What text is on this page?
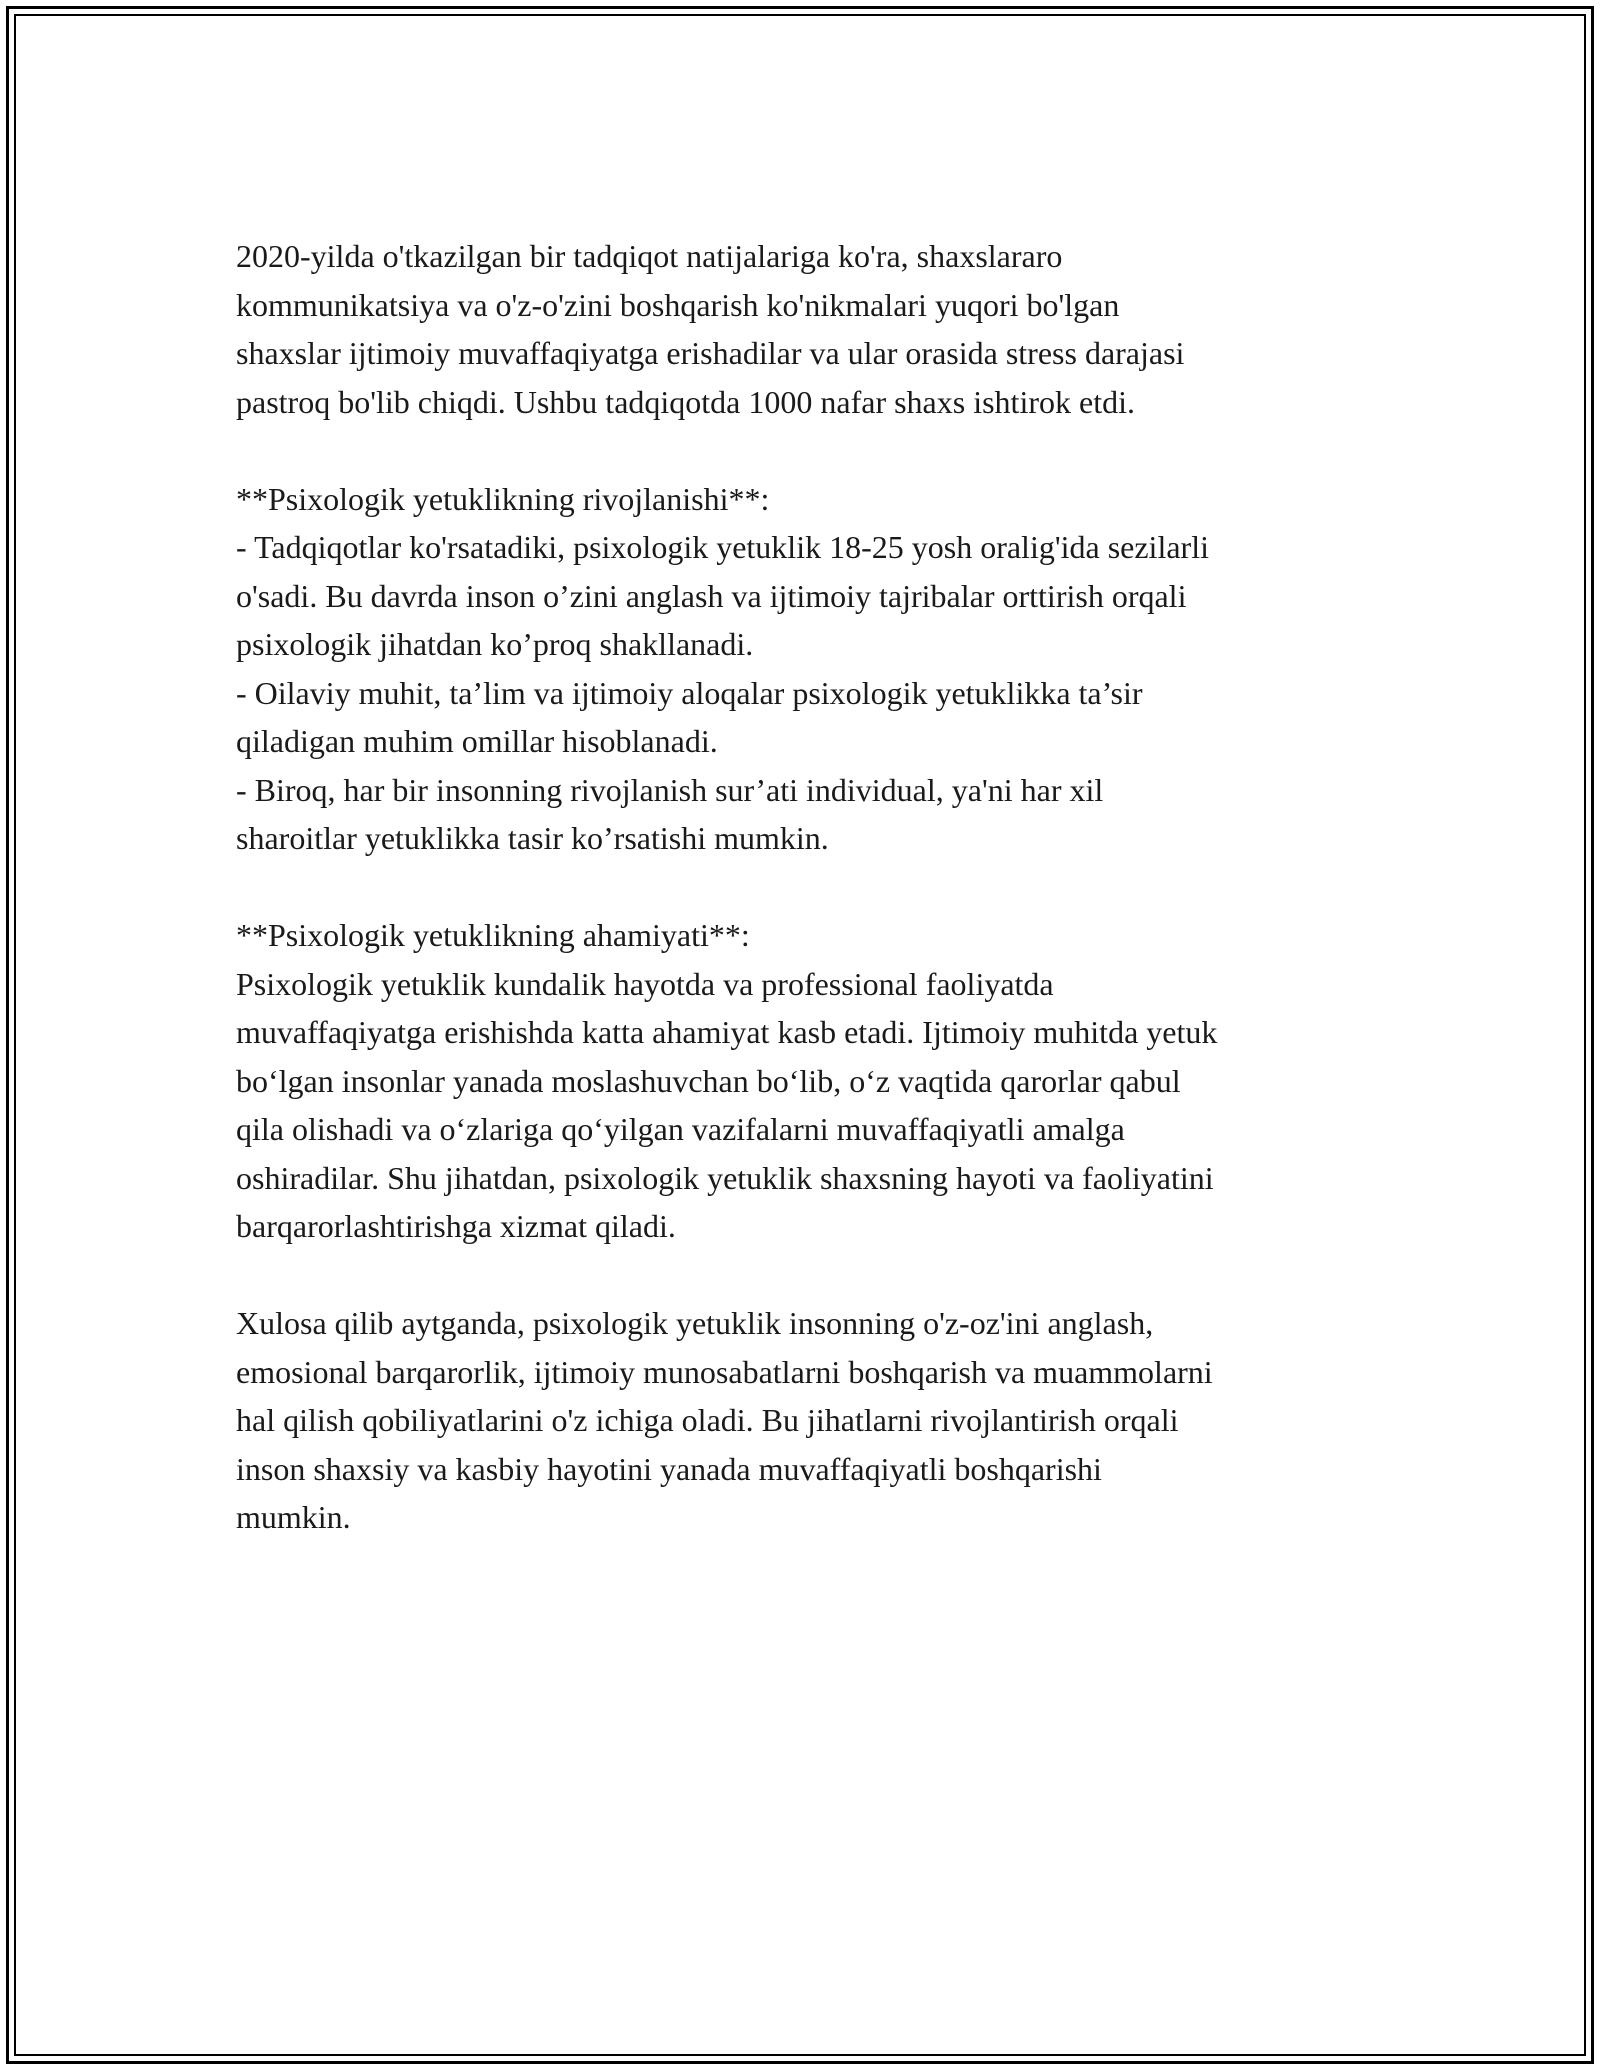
2020-yilda o'tkazilgan bir tadqiqot natijalariga ko'ra, shaxslararo
kommunikatsiya va o'z-o'zini boshqarish ko'nikmalari yuqori bo'lgan
shaxslar ijtimoiy muvaffaqiyatga erishadilar va ular orasida stress darajasi
pastroq bo'lib chiqdi. Ushbu tadqiqotda 1000 nafar shaxs ishtirok etdi.

**Psixologik yetuklikning rivojlanishi**:
- Tadqiqotlar ko'rsatadiki, psixologik yetuklik 18-25 yosh oralig'ida sezilarli
o'sadi. Bu davrda inson o’zini anglash va ijtimoiy tajribalar orttirish orqali
psixologik jihatdan ko’proq shakllanadi.
- Oilaviy muhit, ta’lim va ijtimoiy aloqalar psixologik yetuklikka ta’sir
qiladigan muhim omillar hisoblanadi.
- Biroq, har bir insonning rivojlanish sur’ati individual, ya'ni har xil
sharoitlar yetuklikka tasir ko’rsatishi mumkin.

**Psixologik yetuklikning ahamiyati**:
Psixologik yetuklik kundalik hayotda va professional faoliyatda
muvaffaqiyatga erishishda katta ahamiyat kasb etadi. Ijtimoiy muhitda yetuk
bo‘lgan insonlar yanada moslashuvchan bo‘lib, o‘z vaqtida qarorlar qabul
qila olishadi va o‘zlariga qo‘yilgan vazifalarni muvaffaqiyatli amalga
oshiradilar. Shu jihatdan, psixologik yetuklik shaxsning hayoti va faoliyatini
barqarorlashtirishga xizmat qiladi.

Xulosa qilib aytganda, psixologik yetuklik insonning o'z-oz'ini anglash,
emosional barqarorlik, ijtimoiy munosabatlarni boshqarish va muammolarni
hal qilish qobiliyatlarini o'z ichiga oladi. Bu jihatlarni rivojlantirish orqali
inson shaxsiy va kasbiy hayotini yanada muvaffaqiyatli boshqarishi
mumkin.
